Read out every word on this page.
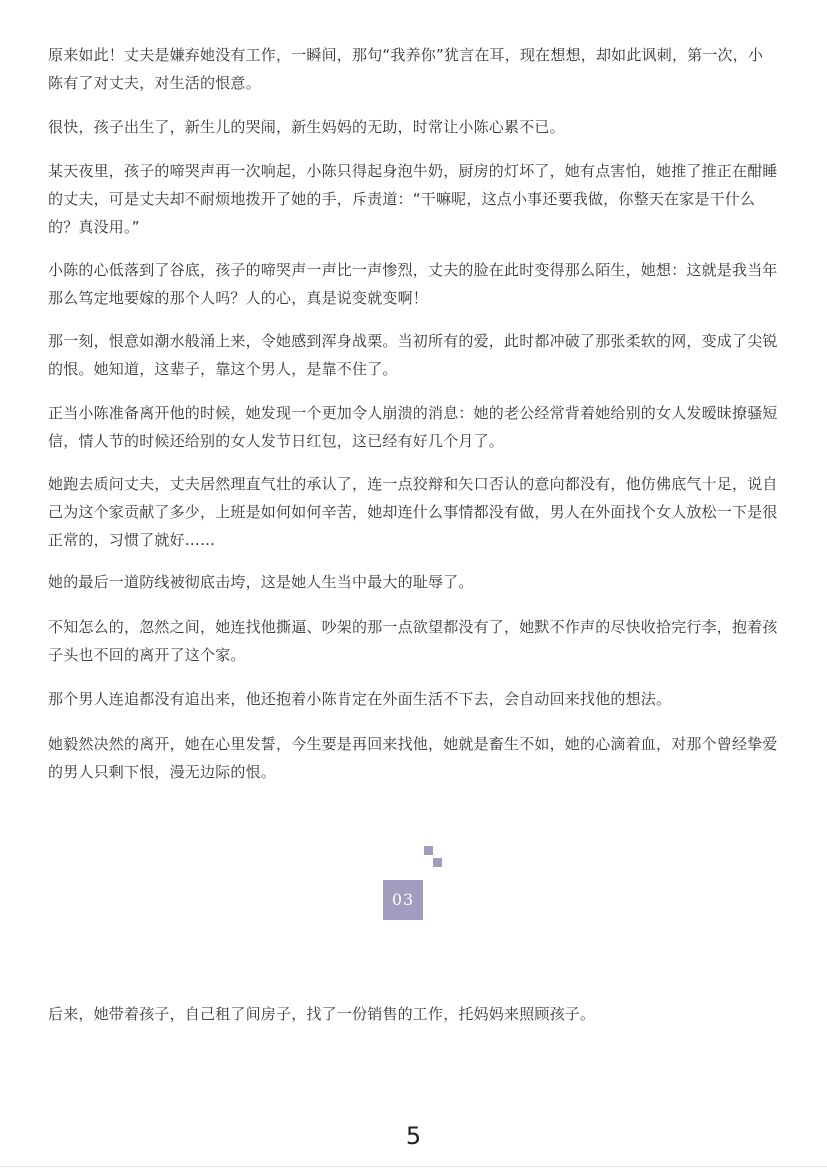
原来如此！丈夫是嫌弃她没有工作，一瞬间，那句“我养你”犹言在耳，现在想想，却如此讽刺，第一次，小陈有了对丈夫，对生活的恨意。

很快，孩子出生了，新生儿的哭闹，新生妈妈的无助，时常让小陈心累不已。

某天夜里，孩子的啼哭声再一次响起，小陈只得起身泡牛奶，厨房的灯坏了，她有点害怕，她推了推正在酣睡的丈夫，可是丈夫却不耐烦地拨开了她的手，斥责道：“干嘛呢，这点小事还要我做，你整天在家是干什么的？真没用。”

小陈的心低落到了谷底，孩子的啼哭声一声比一声惨烈，丈夫的脸在此时变得那么陌生，她想：这就是我当年那么笃定地要嫁的那个人吗？人的心，真是说变就变啊！

那一刻，恨意如潮水般涌上来，令她感到浑身战栗。当初所有的爱，此时都冲破了那张柔软的网，变成了尖锐的恨。她知道，这辈子，靠这个男人，是靠不住了。

正当小陈准备离开他的时候，她发现一个更加令人崩溃的消息：她的老公经常背着她给别的女人发暧昧撩骚短信，情人节的时候还给别的女人发节日红包，这已经有好几个月了。

她跑去质问丈夫，丈夫居然理直气壮的承认了，连一点狡辩和矢口否认的意向都没有，他仿佛底气十足，说自己为这个家贡献了多少，上班是如何如何辛苦，她却连什么事情都没有做，男人在外面找个女人放松一下是很正常的，习惯了就好……

她的最后一道防线被彻底击垮，这是她人生当中最大的耻辱了。

不知怎么的，忽然之间，她连找他撕逼、吵架的那一点欲望都没有了，她默不作声的尽快收拾完行李，抱着孩子头也不回的离开了这个家。

那个男人连追都没有追出来，他还抱着小陈肯定在外面生活不下去，会自动回来找他的想法。

她毅然决然的离开，她在心里发誓，今生要是再回来找他，她就是畜生不如，她的心滴着血，对那个曾经挚爱的男人只剩下恨，漫无边际的恨。

03

后来，她带着孩子，自己租了间房子，找了一份销售的工作，托妈妈来照顾孩子。

5
